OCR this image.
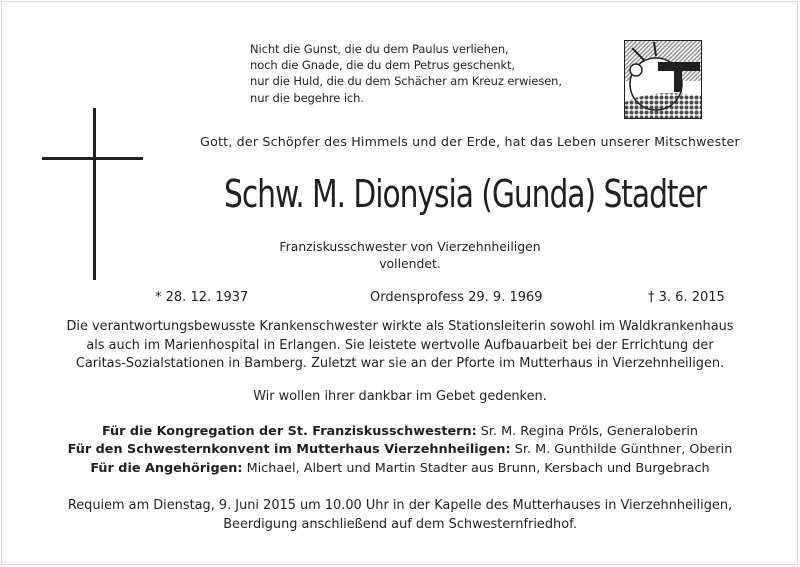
Nicht die Gunst, die du dem Paulus verliehen,
noch die Gnade, die du dem Petrus geschenkt,
nur die Huld, die du dem Schächer am Kreuz erwiesen,
nur die begehre ich.
Gott, der Schöpfer des Himmels und der Erde, hat das Leben unserer Mitschwester
Schw. M. Dionysia (Gunda) Stadter
Franziskusschwester von Vierzehnheiligen
vollendet.
* 28. 12. 1937	Ordensprofess 29. 9. 1969	† 3. 6. 2015
Die verantwortungsbewusste Krankenschwester wirkte als Stationsleiterin sowohl im Waldkrankenhaus
als auch im Marienhospital in Erlangen. Sie leistete wertvolle Aufbauarbeit bei der Errichtung der
Caritas-Sozialstationen in Bamberg. Zuletzt war sie an der Pforte im Mutterhaus in Vierzehnheiligen.
Wir wollen ihrer dankbar im Gebet gedenken.
Für die Kongregation der St. Franziskusschwestern: Sr. M. Regina Pröls, Generaloberin
Für den Schwesternkonvent im Mutterhaus Vierzehnheiligen: Sr. M. Gunthilde Günthner, Oberin
Für die Angehörigen: Michael, Albert und Martin Stadter aus Brunn, Kersbach und Burgebrach
Requiem am Dienstag, 9. Juni 2015 um 10.00 Uhr in der Kapelle des Mutterhauses in Vierzehnheiligen,
Beerdigung anschließend auf dem Schwesternfriedhof.
